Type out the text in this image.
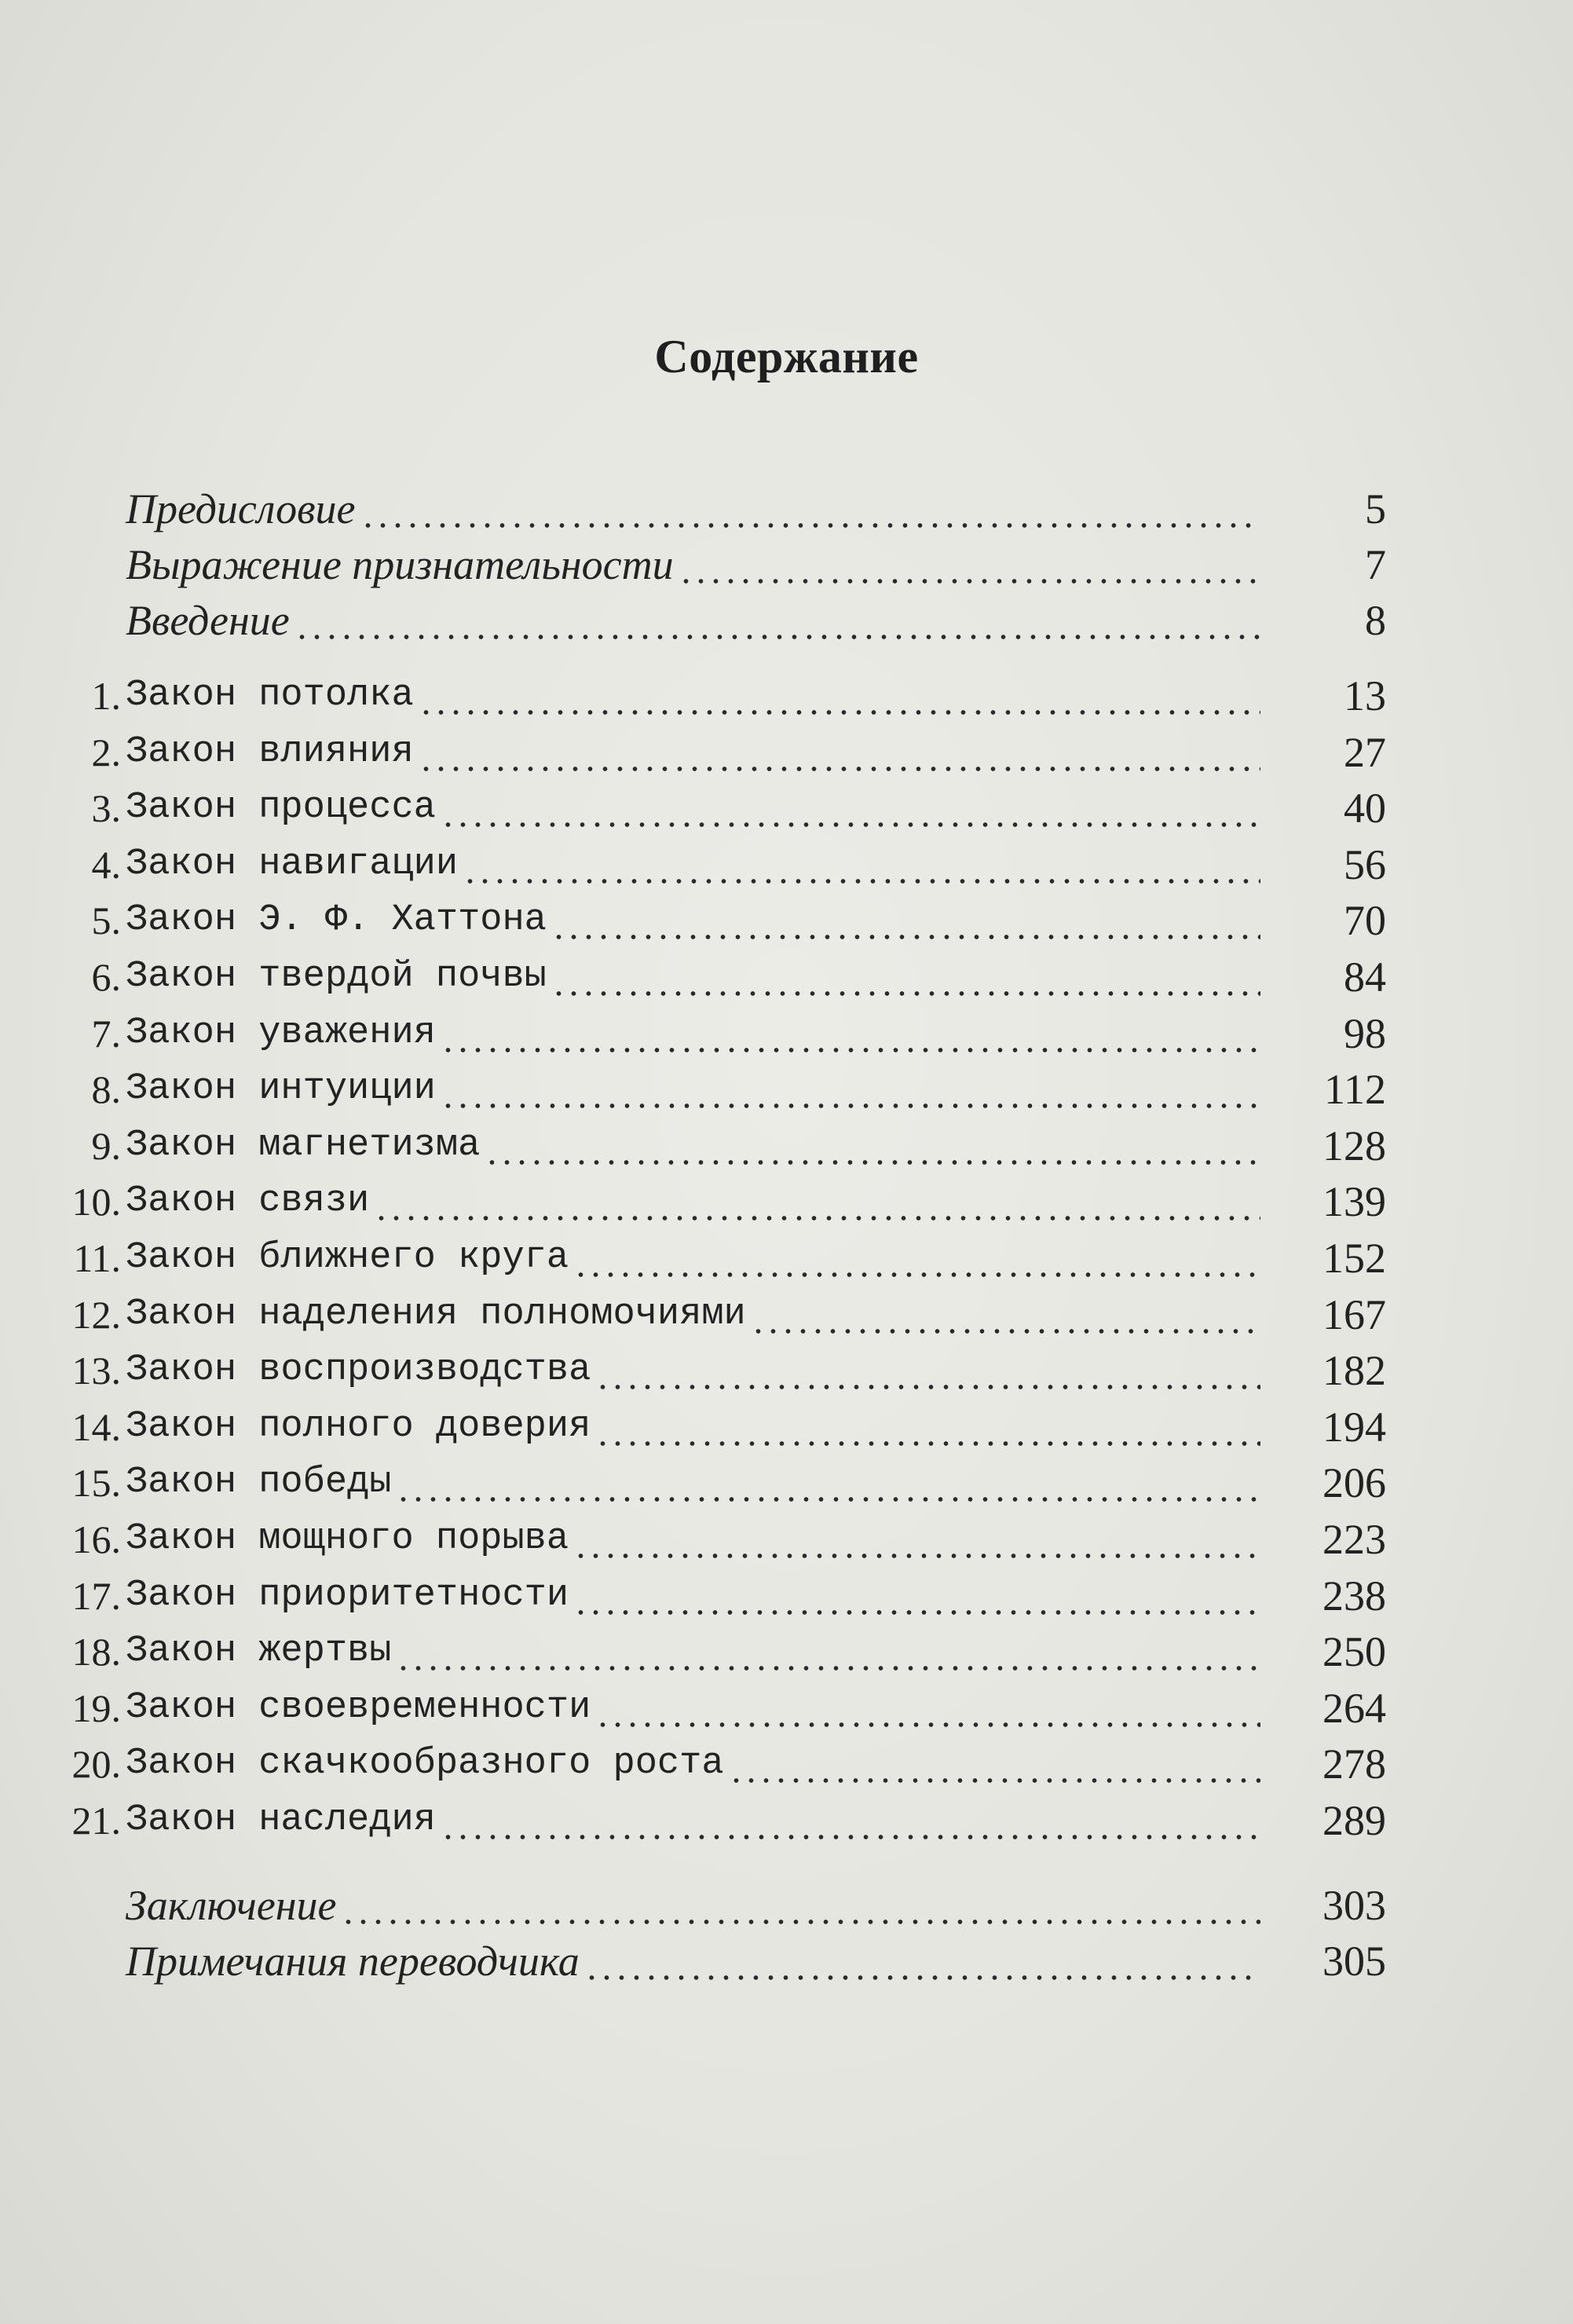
Содержание
Предисловие	5
Выражение признательности	7
Введение	8
1. Закон потолка	13
2. Закон влияния	27
3. Закон процесса	40
4. Закон навигации	56
5. Закон Э. Ф. Хаттона	70
6. Закон твердой почвы	84
7. Закон уважения	98
8. Закон интуиции	112
9. Закон магнетизма	128
10. Закон связи	139
11. Закон ближнего круга	152
12. Закон наделения полномочиями	167
13. Закон воспроизводства	182
14. Закон полного доверия	194
15. Закон победы	206
16. Закон мощного порыва	223
17. Закон приоритетности	238
18. Закон жертвы	250
19. Закон своевременности	264
20. Закон скачкообразного роста	278
21. Закон наследия	289
Заключение	303
Примечания переводчика	305
